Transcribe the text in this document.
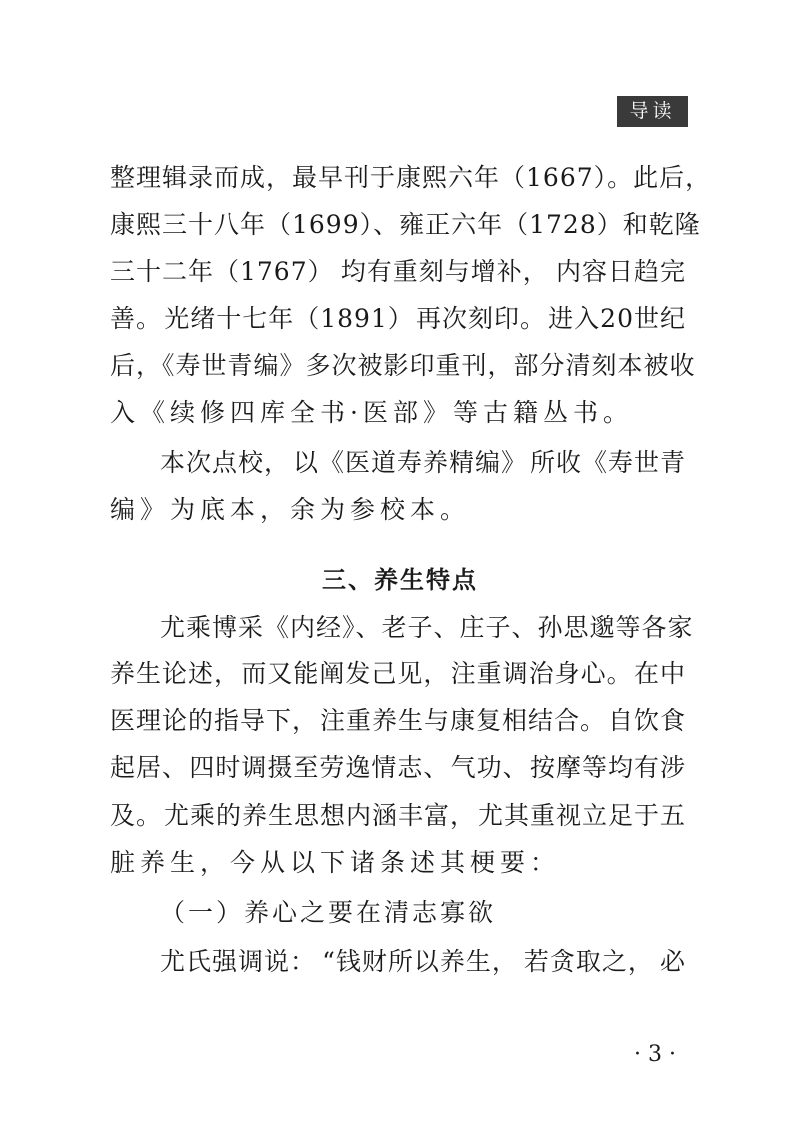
导读
整理辑录而成， 最早刊于康熙六年（1667）。 此后，
康熙三十八年（1699）、 雍正六年（1728） 和乾隆
三十二年（1767） 均有重刻与增补， 内容日趋完
善。 光绪十七年（1891） 再次刻印。 进入20世纪
后，《寿世青编》 多次被影印重刊， 部分清刻本被收
入《续修四库全书·医部》等古籍丛书。
本次点校， 以《医道寿养精编》 所收《寿世青
编》为底本，余为参校本。
三、养生特点
尤乘博采《内经》、 老子、 庄子、 孙思邈等各家
养生论述， 而又能阐发己见， 注重调治身心。 在中
医理论的指导下， 注重养生与康复相结合。 自饮食
起居、 四时调摄至劳逸情志、 气功、 按摩等均有涉
及。 尤乘的养生思想内涵丰富， 尤其重视立足于五
脏养生，今从以下诸条述其梗要：
（一）养心之要在清志寡欲
尤氏强调说： “钱财所以养生， 若贪取之， 必
· 3 ·
